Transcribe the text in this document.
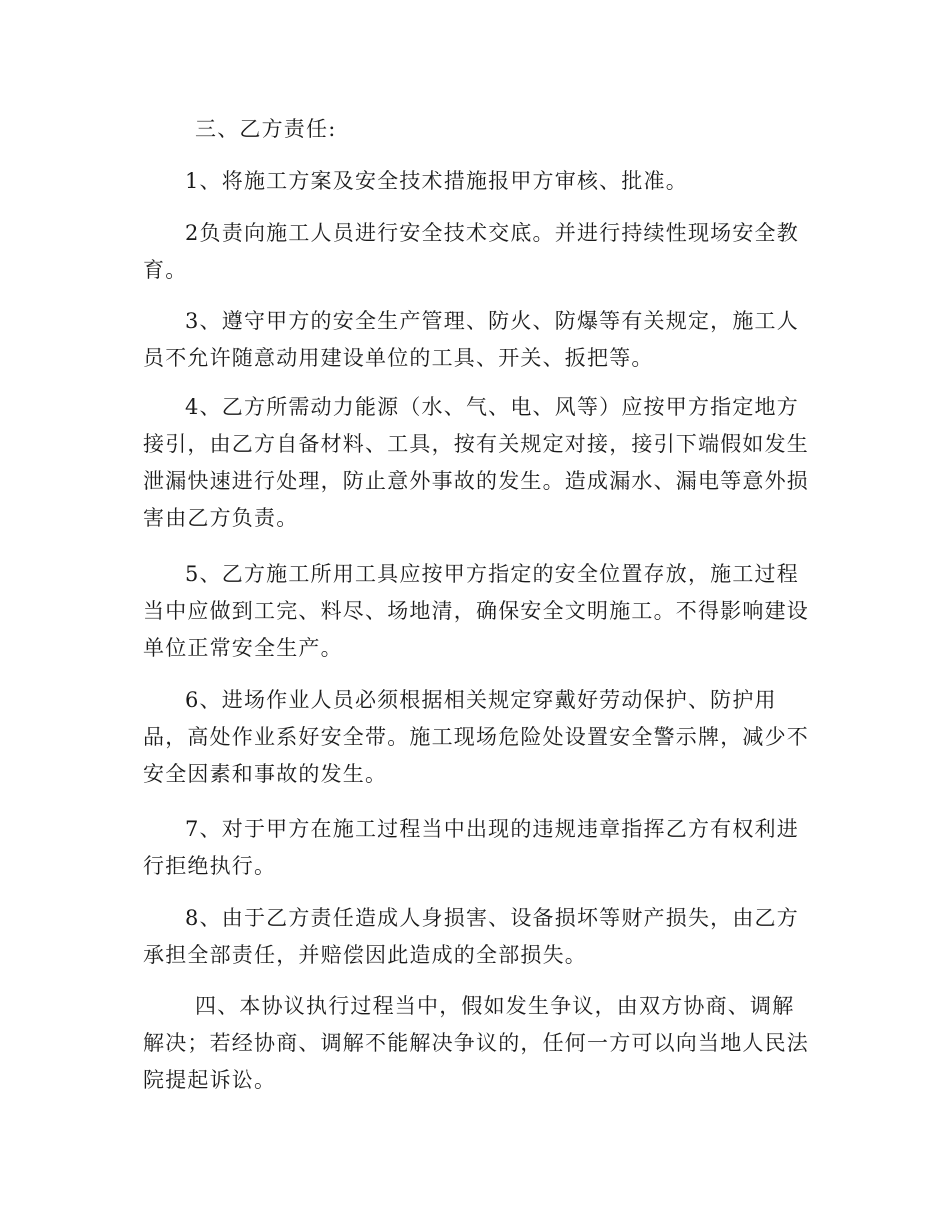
三、乙方责任:

1、将施工方案及安全技术措施报甲方审核、批准。

2负责向施工人员进行安全技术交底。并进行持续性现场安全教育。

3、遵守甲方的安全生产管理、防火、防爆等有关规定，施工人员不允许随意动用建设单位的工具、开关、扳把等。

4、乙方所需动力能源（水、气、电、风等）应按甲方指定地方接引，由乙方自备材料、工具，按有关规定对接，接引下端假如发生泄漏快速进行处理，防止意外事故的发生。造成漏水、漏电等意外损害由乙方负责。

5、乙方施工所用工具应按甲方指定的安全位置存放，施工过程当中应做到工完、料尽、场地清，确保安全文明施工。不得影响建设单位正常安全生产。

6、进场作业人员必须根据相关规定穿戴好劳动保护、防护用品，高处作业系好安全带。施工现场危险处设置安全警示牌，减少不安全因素和事故的发生。

7、对于甲方在施工过程当中出现的违规违章指挥乙方有权利进行拒绝执行。

8、由于乙方责任造成人身损害、设备损坏等财产损失，由乙方承担全部责任，并赔偿因此造成的全部损失。

四、本协议执行过程当中，假如发生争议，由双方协商、调解解决；若经协商、调解不能解决争议的，任何一方可以向当地人民法院提起诉讼。
